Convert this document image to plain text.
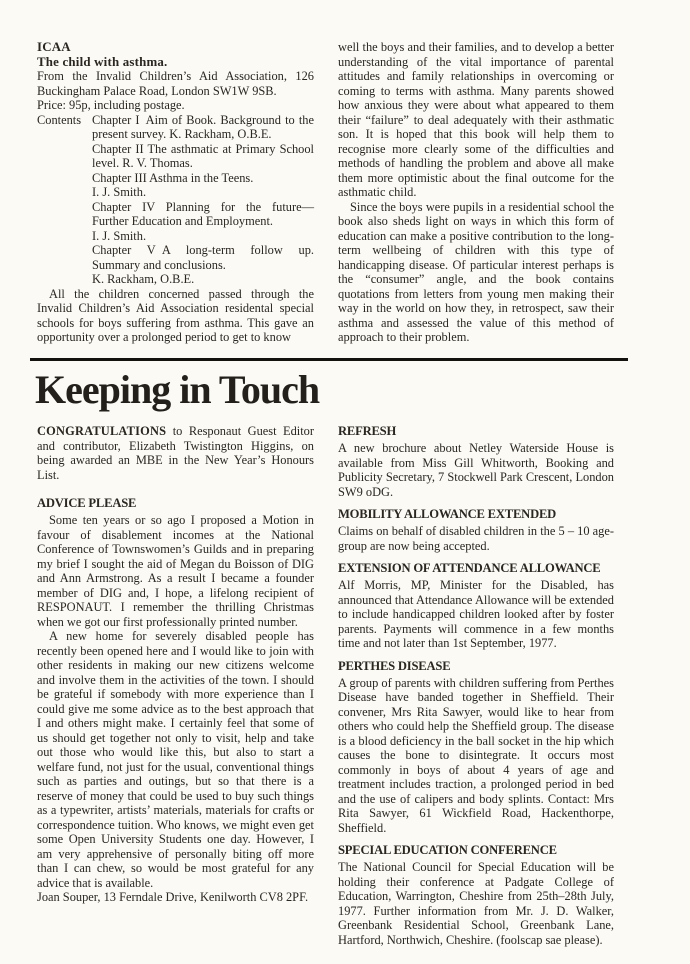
ICAA
The child with asthma.
From the Invalid Children’s Aid Association, 126 Buckingham Palace Road, London SW1W 9SB.
Price: 95p, including postage.
Contents Chapter I Aim of Book. Background to the present survey. K. Rackham, O.B.E.
Chapter II The asthmatic at Primary School level. R. V. Thomas.
Chapter III Asthma in the Teens.
I. J. Smith.
Chapter IV Planning for the future— Further Education and Employment.
I. J. Smith.
Chapter V A long-term follow up. Summary and conclusions.
K. Rackham, O.B.E.

All the children concerned passed through the Invalid Children’s Aid Association residental special schools for boys suffering from asthma. This gave an opportunity over a prolonged period to get to know

well the boys and their families, and to develop a better understanding of the vital importance of parental attitudes and family relationships in overcoming or coming to terms with asthma. Many parents showed how anxious they were about what appeared to them their “failure” to deal adequately with their asthmatic son. It is hoped that this book will help them to recognise more clearly some of the difficulties and methods of handling the problem and above all make them more optimistic about the final outcome for the asthmatic child.

Since the boys were pupils in a residential school the book also sheds light on ways in which this form of education can make a positive contribution to the long-term wellbeing of children with this type of handicapping disease. Of particular interest perhaps is the “consumer” angle, and the book contains quotations from letters from young men making their way in the world on how they, in retrospect, saw their asthma and assessed the value of this method of approach to their problem.

Keeping in Touch

CONGRATULATIONS to Responaut Guest Editor and contributor, Elizabeth Twistington Higgins, on being awarded an MBE in the New Year’s Honours List.

ADVICE PLEASE

Some ten years or so ago I proposed a Motion in favour of disablement incomes at the National Conference of Townswomen’s Guilds and in preparing my brief I sought the aid of Megan du Boisson of DIG and Ann Armstrong. As a result I became a founder member of DIG and, I hope, a lifelong recipient of RESPONAUT. I remember the thrilling Christmas when we got our first professionally printed number.

A new home for severely disabled people has recently been opened here and I would like to join with other residents in making our new citizens welcome and involve them in the activities of the town. I should be grateful if somebody with more experience than I could give me some advice as to the best approach that I and others might make. I certainly feel that some of us should get together not only to visit, help and take out those who would like this, but also to start a welfare fund, not just for the usual, conventional things such as parties and outings, but so that there is a reserve of money that could be used to buy such things as a typewriter, artists’ materials, materials for crafts or correspondence tuition. Who knows, we might even get some Open University Students one day. However, I am very apprehensive of personally biting off more than I can chew, so would be most grateful for any advice that is available.

Joan Souper, 13 Ferndale Drive, Kenilworth CV8 2PF.

REFRESH

A new brochure about Netley Waterside House is available from Miss Gill Whitworth, Booking and Publicity Secretary, 7 Stockwell Park Crescent, London SW9 oDG.

MOBILITY ALLOWANCE EXTENDED

Claims on behalf of disabled children in the 5 – 10 age-group are now being accepted.

EXTENSION OF ATTENDANCE ALLOWANCE

Alf Morris, MP, Minister for the Disabled, has announced that Attendance Allowance will be extended to include handicapped children looked after by foster parents. Payments will commence in a few months time and not later than 1st September, 1977.

PERTHES DISEASE

A group of parents with children suffering from Perthes Disease have banded together in Sheffield. Their convener, Mrs Rita Sawyer, would like to hear from others who could help the Sheffield group. The disease is a blood deficiency in the ball socket in the hip which causes the bone to disintegrate. It occurs most commonly in boys of about 4 years of age and treatment includes traction, a prolonged period in bed and the use of calipers and body splints. Contact: Mrs Rita Sawyer, 61 Wickfield Road, Hackenthorpe, Sheffield.

SPECIAL EDUCATION CONFERENCE

The National Council for Special Education will be holding their conference at Padgate College of Education, Warrington, Cheshire from 25th–28th July, 1977. Further information from Mr. J. D. Walker, Greenbank Residential School, Greenbank Lane, Hartford, Northwich, Cheshire. (foolscap sae please).
